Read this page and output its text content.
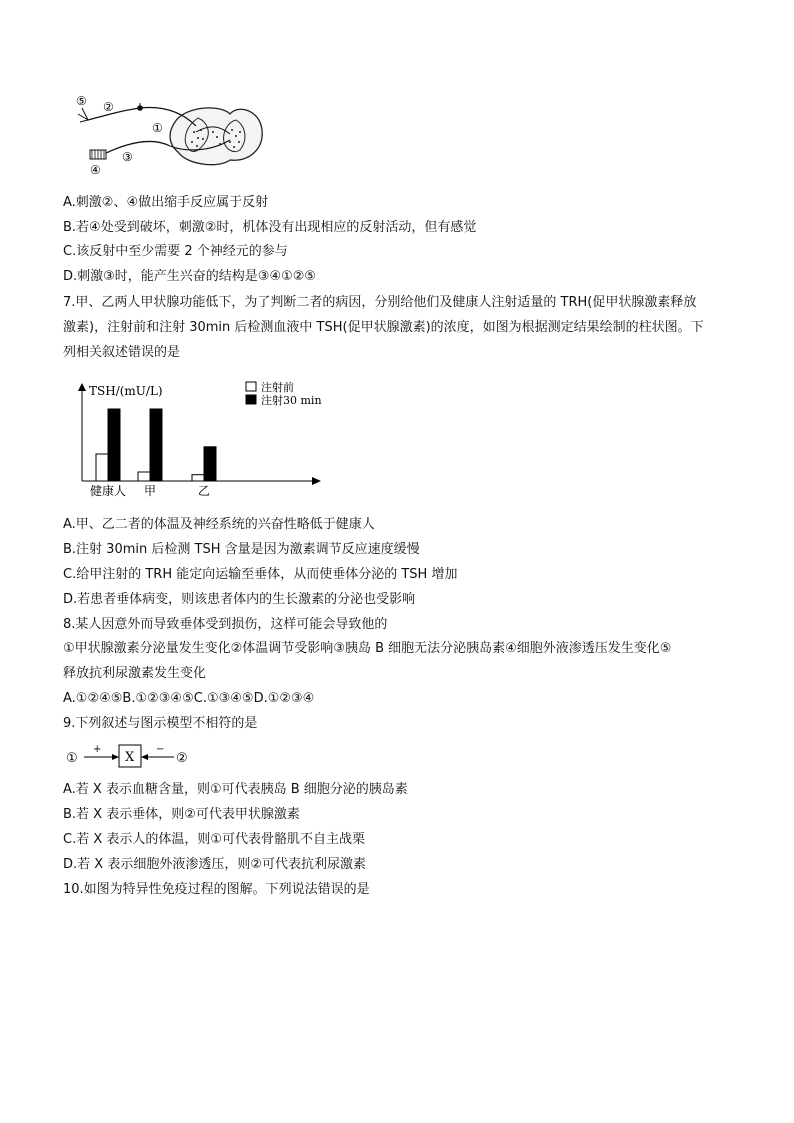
⑤ ②
①
③
④
A.刺激②、④做出缩手反应属于反射
B.若④处受到破坏，刺激②时，机体没有出现相应的反射活动，但有感觉
C.该反射中至少需要 2 个神经元的参与
D.刺激③时，能产生兴奋的结构是③④①②⑤
7.甲、乙两人甲状腺功能低下，为了判断二者的病因，分别给他们及健康人注射适量的 TRH(促甲状腺激素释放
激素)，注射前和注射 30min 后检测血液中 TSH(促甲状腺激素)的浓度，如图为根据测定结果绘制的柱状图。下
列相关叙述错误的是
TSH/(mU/L)
健康人 甲	乙
注射前
注射30 min
A.甲、乙二者的体温及神经系统的兴奋性略低于健康人
B.注射 30min 后检测 TSH 含量是因为激素调节反应速度缓慢
C.给甲注射的 TRH 能定向运输至垂体，从而使垂体分泌的 TSH 增加
D.若患者垂体病变，则该患者体内的生长激素的分泌也受影响
8.某人因意外而导致垂体受到损伤，这样可能会导致他的
①甲状腺激素分泌量发生变化②体温调节受影响③胰岛 B 细胞无法分泌胰岛素④细胞外液渗透压发生变化⑤
释放抗利尿激素发生变化
A.①②④⑤B.①②③④⑤C.①③④⑤D.①②③④
9.下列叙述与图示模型不相符的是
①
+
X
−
②
A.若 X 表示血糖含量，则①可代表胰岛 B 细胞分泌的胰岛素
B.若 X 表示垂体，则②可代表甲状腺激素
C.若 X 表示人的体温，则①可代表骨骼肌不自主战栗
D.若 X 表示细胞外液渗透压，则②可代表抗利尿激素
10.如图为特异性免疫过程的图解。下列说法错误的是
